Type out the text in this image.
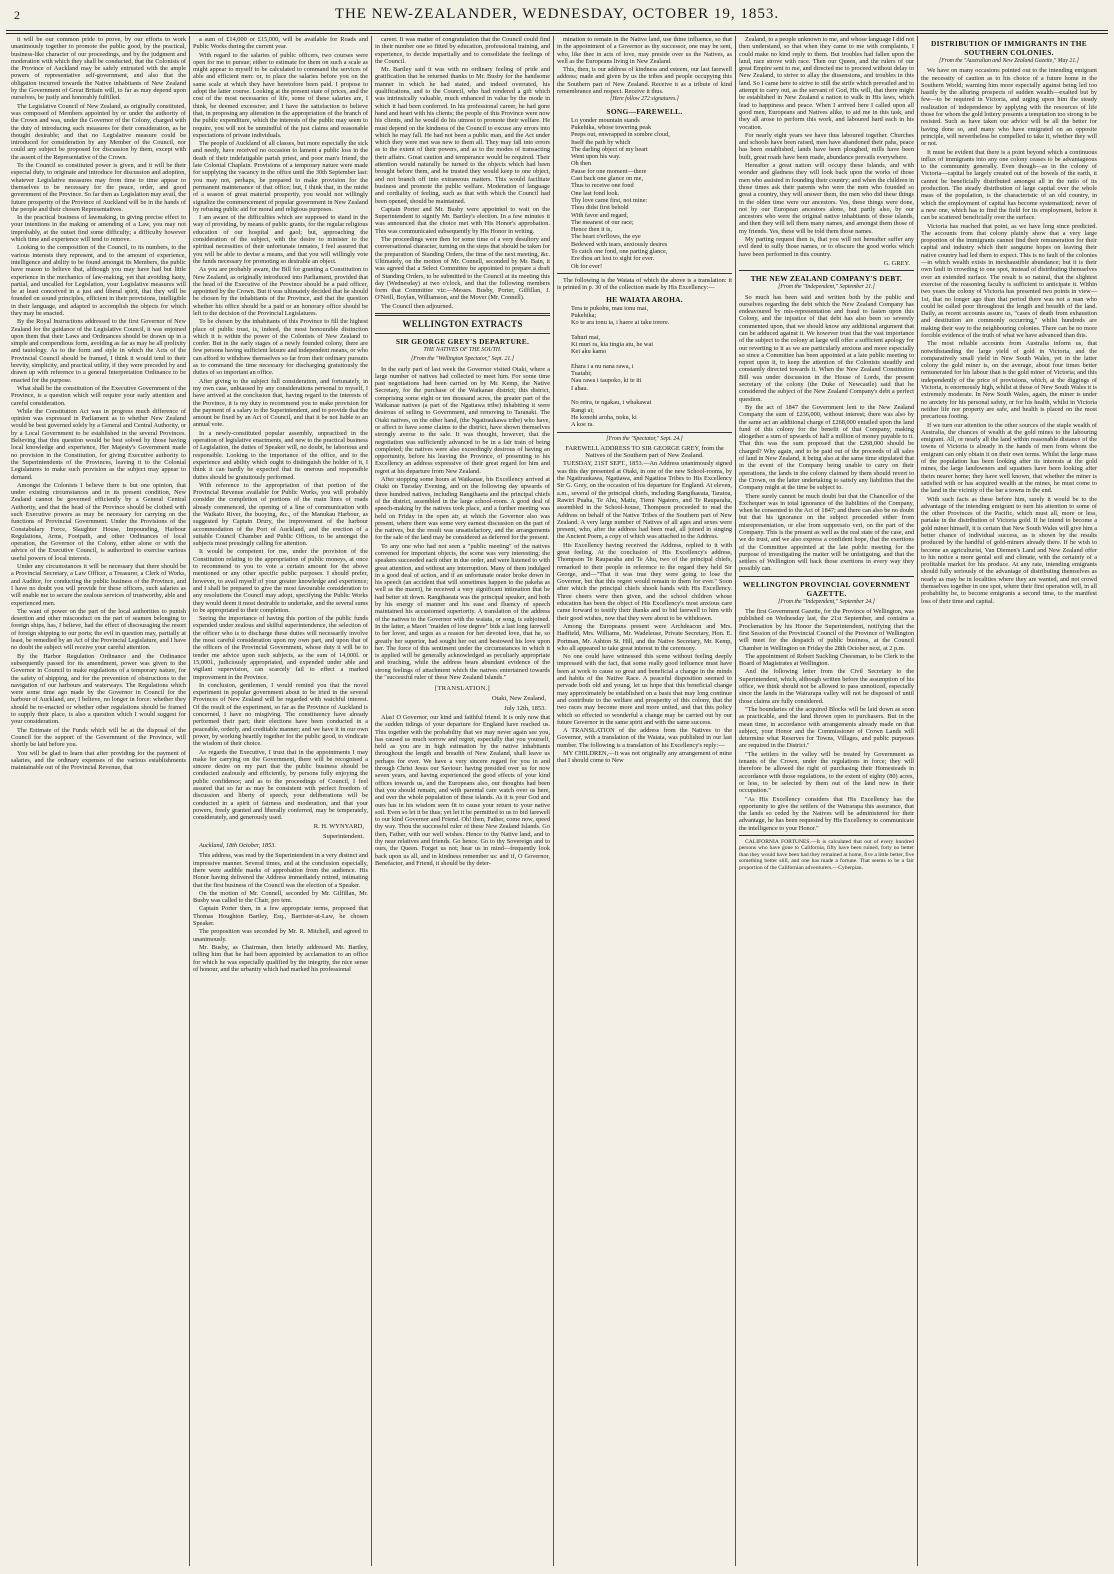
2	THE NEW-ZEALANDER, WEDNESDAY, OCTOBER 19, 1853.

it will be our common pride to prove, by our efforts to work unanimously together to promote the public good, by the practical, business-like character of our proceedings, and by the judgment and moderation with which they shall be conducted, that the Colonists of the Province of Auckland may be safely entrusted with the ample powers of representative self-government, and also that the obligation incurred towards the Native inhabitants of New Zealand by the Government of Great Britain will, to far as may depend upon ourselves, be justly and honorably fulfilled.

The Legislative Council of New Zealand, as originally constituted, was composed of Members appointed by or under the authority of the Crown and was, under the Governor of the Colony, charged with the duty of introducing such measures for their consideration, as he thought desirable; and that no Legislative measure could be introduced for consideration by any Member of the Council, nor could any subject be proposed for discussion by them, except with the assent of the Representative of the Crown.

To the Council so constituted power is given, and it will be their especial duty, to originate and introduce for discussion and adoption, whatever Legislative measures may from time to time appear to themselves to be necessary for the peace, order, and good government of the Province. So far then as Legislation may avail, the future prosperity of the Province of Auckland will be in the hands of the people and their chosen Representatives.

In the practical business of lawmaking, in giving precise effect to your intentions in the making or amending of a Law, you may not improbably, at the outset find some difficulty; a difficulty however which time and experience will tend to remove.

Looking to the composition of the Council, to its numbers, to the various interests they represent, and to the amount of experience, intelligence and ability to be found amongst its Members, the public have reason to believe that, although you may have had but little experience in the mechanics of law-making, yet that avoiding hasty, partial, and uncalled for Legislation, your Legislative measures will be at least conceived in a just and liberal spirit, that they will be founded on sound principles, efficient in their provisions, intelligible in their language, and adapted to accomplish the objects for which they may be enacted.

By the Royal Instructions addressed to the first Governor of New Zealand for the guidance of the Legislative Council, it was enjoined upon them that their Laws and Ordinances should be drawn up in a simple and compendious form, avoiding as far as may be all prolixity and tautology. As to the form and style in which the Acts of the Provincial Council should be framed, I think it would tend to their brevity, simplicity, and practical utility, if they were preceded by and drawn up with reference to a general Interpretation Ordinance to be enacted for the purpose.

What shall be the constitution of the Executive Government of the Province, is a question which will require your early attention and careful consideration.

While the Constitution Act was in progress much difference of opinion was expressed in Parliament as to whether New Zealand would be best governed solely by a General and Central Authority, or by a Local Government to be established in the several Provinces. Believing that this question would be best solved by those having local knowledge and experience, Her Majesty's Government made no provision in the Constitution, for giving Executive authority to the Superintendents of the Provinces, leaving it to the Colonial Legislatures to make such provision as the subject may appear to demand.

Amongst the Colonists I believe there is but one opinion, that under existing circumstances and in its present condition, New Zealand cannot be governed efficiently by a General Central Authority, and that the head of the Province should be clothed with such Executive powers as may be necessary for carrying on the functions of Provincial Government. Under the Provisions of the Constabulary Force, Slaughter House, Impounding, Harbour Regulations, Arms, Footpath, and other Ordinances of local operation, the Governor of the Colony, either alone or with the advice of the Executive Council, is authorized to exercise various useful powers of local interests.

Under any circumstances it will be necessary that there should be a Provincial Secretary, a Law Officer, a Treasurer, a Clerk of Works, and Auditor, for conducting the public business of the Province, and I have no doubt you will provide for these officers, such salaries as will enable me to secure the zealous services of trustworthy, able and experienced men.

The want of power on the part of the local authorities to punish desertion and other misconduct on the part of seamen belonging to foreign ships, has, I believe, had the effect of discouraging the resort of foreign shipping to our ports; the evil in question may, partially at least, be remedied by an Act of the Provincial Legislature, and I have no doubt the subject will receive your careful attention.

By the Harbor Regulation Ordinance and the Ordinance subsequently passed for its amendment, power was given to the Governor in Council to make regulations of a temporary nature, for the safety of shipping, and for the prevention of obstructions to the navigation of our harbours and waterways. The Regulations which were some time ago made by the Governor in Council for the harbour of Auckland, are, I believe, no longer in force: whether they should be re-enacted or whether other regulations should be framed to supply their place, is also a question which I would suggest for your consideration.

The Estimate of the Funds which will be at the disposal of the Council for the support of the Government of the Province, will shortly be laid before you.

You will be glad to learn that after providing for the payment of salaries, and the ordinary expenses of the various establishments maintainable out of the Provincial Revenue, that

a sum of £14,000 or £15,000, will be available for Roads and Public Works during the current year.

With regard to the salaries of public officers, two courses were open for me to pursue; either to estimate for them on such a scale as might appear to myself to be calculated to command the services of able and efficient men: or, to place the salaries before you on the same scale at which they have heretofore been paid. I propose to adopt the latter course. Looking at the present state of prices, and the cost of the most necessaries of life, some of these salaries are, I think, be deemed excessive; and I have the satisfaction to believe that, in proposing any alteration in the appropriation of the branch of the public expenditure, which the interests of the public may seem to require, you will not be unmindful of the just claims and reasonable expectations of private individuals.

The people of Auckland of all classes, but more especially the sick and needy, have received no occasion to lament a public loss in the death of their indefatigable parish priest, and poor man's friend, the late Colonial Chaplain. Provisions of a temporary nature were made for supplying the vacancy in the office until the 30th September last: you may not, perhaps, be prepared to make provision for the permanent maintenance of that office; but, I think that, in the midst of a season of great material prosperity, you would not willingly signalize the commencement of popular government in New Zealand by refusing public aid for moral and religious purposes.

I am aware of the difficulties which are supposed to stand in the way of providing, by means of public grants, for the regular religious education of our hospital and gaol; but, approaching the consideration of the subject, with the desire to minister to the spiritual necessities of their unfortunate inmates, I feel assured that you will be able to devise a means, and that you will willingly vote the funds necessary for promoting so desirable an object.

As you are probably aware, the Bill for granting a Constitution to New Zealand, as originally introduced into Parliament, provided that the head of the Executive of the Province should be a paid officer, appointed by the Crown. But it was ultimately decided that he should be chosen by the inhabitants of the Province, and that the question whether his office should be a paid or an honorary office should be left to the decision of the Provincial Legislatures.

To be chosen by the inhabitants of this Province to fill the highest place of public trust, is, indeed, the most honourable distinction which it is within the power of the Colonists of New Zealand to confer. But in the early stages of a newly founded colony, there are few persons having sufficient leisure and independent means, or who can afford to withdraw themselves so far from their ordinary pursuits as to command the time necessary for discharging gratuitously the duties of so important an office.

After giving to the subject full consideration, and fortunately, in my own case, unbiassed by any considerations personal to myself, I have arrived at the conclusion that, having regard to the interests of the Province, it is my duty to recommend you to make provision for the payment of a salary to the Superintendent, and to provide that the amount be fixed by an Act of Council, and that it be not liable to an annual vote.

In a newly-constituted popular assembly, unpractised in the operation of legislative enactments, and new to the practical business of Legislation, the duties of Speaker will, no doubt, be laborious and responsible. Looking to the importance of the office, and to the experience and ability which ought to distinguish the holder of it, I think it can hardly be expected that its onerous and responsible duties should be gratuitously performed.

With reference to the appropriation of that portion of the Provincial Revenue available for Public Works, you will probably consider the completion of portions of the main lines of roads already commenced, the opening of a line of communication with the Waikato River, the buoying, &c., of the Manukau Harbour, as suggested by Captain Drury, the improvement of the harbour accommodation of the Port of Auckland, and the erection of a suitable Council Chamber and Public Offices, to be amongst the subjects most pressingly calling for attention.

It would be competent for me, under the provision of the Constitution relating to the appropriation of public moneys, at once to recommend to you to vote a certain amount for the above mentioned or any other specific public purposes. I should prefer, however, to avail myself of your greater knowledge and experience; and I shall be prepared to give the most favourable consideration to any resolutions the Council may adopt, specifying the Public Works they would deem it most desirable to undertake, and the several sums to be appropriated to their completion.

Seeing the importance of having this portion of the public funds expended under zealous and skilful superintendence, the selection of the officer who is to discharge these duties will necessarily involve the most careful consideration upon my own part, and upon that of the officers of the Provincial Government, whose duty it will be to tender me advice upon such subjects, as the sum of 14,000l. or 15,000l., judiciously appropriated, and expended under able and vigilant supervision, can scarcely fail to effect a marked improvement in the Province.

In conclusion, gentlemen, I would remind you that the novel experiment in popular government about to be tried in the several Provinces of New Zealand will be regarded with watchful interest. Of the result of the experiment, so far as the Province of Auckland is concerned, I have no misgiving. The constituency have already performed their part; their elections have been conducted in a peaceable, orderly, and creditable manner; and we have it in our own power, by working heartily together for the public good, to vindicate the wisdom of their choice.

As regards the Executive, I trust that in the appointments I may make for carrying on the Government, there will be recognised a sincere desire on my part that the public business should be conducted zealously and efficiently, by persons fully enjoying the public confidence; and as to the proceedings of Council, I feel assured that so far as may be consistent with perfect freedom of discussion and liberty of speech, your deliberations will be conducted in a spirit of fairness and moderation, and that your powers, freely granted and liberally conferred, may be temperately, considerately, and generously used.

R. H. WYNYARD,
Superintendent.
Auckland, 18th October, 1853.

This address, was read by the Superintendent in a very distinct and impressive manner. Several times, and at the conclusion especially, there were audible marks of approbation from the audience. His Honor having delivered the Address immediately retired, intimating that the first business of the Council was the election of a Speaker.

On the motion of Mr. Connell, seconded by Mr. Gilfillan, Mr. Busby was called to the Chair, pro tem.

Captain Porter then, in a few appropriate terms, proposed that Thomas Houghton Bartley, Esq., Barrister-at-Law, be chosen Speaker.

The proposition was seconded by Mr. R. Mitchell, and agreed to unanimously.

Mr. Busby, as Chairman, then briefly addressed Mr. Bartley, telling him that he had been appointed by acclamation to an office for which he was especially qualified by the integrity, the nice sense of honour, and the urbanity which had marked his professional

career. It was matter of congratulation that the Council could find in their number one so fitted by education, professional training, and experience, to decide impartially and to consolidate the feelings of the Council.

Mr. Bartley said it was with no ordinary feeling of pride and gratification that he returned thanks to Mr. Busby for the handsome manner in which he had stated, and indeed overrated, his qualifications, and to the Council, who had rendered a gift which was intrinsically valuable, much enhanced in value by the mode in which it had been conferred. In his professional career, he had gone hand and heart with his clients; the people of this Province were now his clients, and he would do his utmost to promote their welfare. He must depend on the kindness of the Council to excuse any errors into which he may fall. He had not been a public man, and the Act under which they were met was new to them all. They may fall into errors as to the extent of their powers, and as to the modes of transacting their affairs. Great caution and temperance would be required. Their attention would naturally be turned to the objects which had been brought before them, and he trusted they would keep to one object, and not branch off into extraneous matters. This would facilitate business and promote the public welfare. Moderation of language and cordiality of feeling, such as that with which the Council had been opened, should be maintained.

Captain Porter and Mr. Busby were appointed to wait on the Superintendent to signify Mr. Bartley's election. In a few minutes it was announced that the choice met with His Honor's approbation. This was communicated subsequently by His Honor in writing.

The proceedings were then for some time of a very desultory and conversational character, turning on the steps that should be taken for the preparation of Standing Orders, the time of the next meeting, &c. Ultimately, on the motion of Mr. Connell, seconded by Mr. Bain, it was agreed that a Select Committee be appointed to prepare a draft of Standing Orders, to be submitted to the Council at its meeting this day (Wednesday) at two o'clock, and that the following members form that Committee viz:—Messrs. Busby, Porter, Gilfillan, J. O'Neill, Boylan, Williamson, and the Mover (Mr. Connell).

The Council then adjourned.

WELLINGTON EXTRACTS
SIR GEORGE GREY'S DEPARTURE.
THE NATIVES OF THE SOUTH.
[From the "Wellington Spectator," Sept. 21.]

In the early part of last week the Governor visited Otaki, where a large number of natives had collected to meet him. For some time past negotiations had been carried on by Mr. Kemp, the Native Secretary, for the purchase of the Waikanae district; this district, comprising some eight or ten thousand acres, the greater part of the Waikanae natives (a part of the Ngatiawa tribe) inhabiting it were desirous of selling to Government, and removing to Taranaki. The Otaki natives, on the other hand, (the Ngatiraukawa tribe) who have, or affect to have some claims to the district, have shown themselves strongly averse to the sale. It was thought, however, that the negotiation was sufficiently advanced to be in a fair train of being completed; the natives were also exceedingly desirous of having an opportunity, before his leaving the Province, of presenting to his Excellency an address expressive of their great regard for him and regret at his departure from New Zealand.

After stopping some hours at Waikanae, his Excellency arrived at Otaki on Tuesday Evening, and on the following day upwards of three hundred natives, including Rangihaeta and the principal chiefs of the district, assembled in the large school-room. A good deal of speech-making by the natives took place, and a further meeting was held on Friday in the open air, at which the Governor also was present, where there was some very earnest discussion on the part of the natives, but the result was unsatisfactory, and the arrangements for the sale of the land may be considered as deferred for the present.

To any one who had not seen a "public meeting" of the natives convened for important objects, the scene was very interesting; the speakers succeeded each other in due order, and were listened to with great attention, and without any interruption. Many of them indulged in a good deal of action, and if an unfortunate orator broke down in his speech (an accident that will sometimes happen to the pakeha as well as the maori), he received a very significant intimation that he had better sit down. Rangihaeata was the principal speaker, and both by his energy of manner and his ease and fluency of speech maintained his accustomed superiority. A translation of the address of the natives to the Governor with the waiata, or song, is subjoined. In the latter, a Maori "maiden of low degree" bids a last long farewell to her lover, and urges as a reason for her devoted love, that he, so greatly her superior, had sought her out and bestowed his love upon her. The force of this sentiment under the circumstances in which it is applied will be generally acknowledged as peculiarly appropriate and touching, while the address bears abundant evidence of the strong feelings of attachment which the natives entertained towards the "successful ruler of these New Zealand Islands."

[TRANSLATION.]
Otaki, New Zealand,
July 12th, 1853.

Alas! O Governor, our kind and faithful friend. It is only now that the sudden tidings of your departure for England have reached us. This together with the probability that we may never again see you, has caused us much sorrow and regret, especially that you yourself, held as you are in high estimation by the native inhabitants throughout the length and breadth of New Zealand, shall leave us perhaps for ever. We have a very sincere regard for you in and through Christ Jesus our Saviour: having presided over us for now seven years, and having experienced the good effects of your kind offices towards us, and the Europeans also, our thoughts had been that you should remain, and with parental care watch over us here, and over the whole population of these islands. As it is your God and ours has in his wisdom seen fit to cause your return to your native soil. Even so let it be thus; yet let it be permitted to us to bid farewell to our kind Governor and Friend. Oh! then, Father, come now, speed thy way. Thou the successful ruler of these New Zealand Islands. Go then, Father, with our well wishes. Hence to thy Native land, and to thy near relatives and friends. Go hence. Go to thy Sovereign and to ours, the Queen. Forget us not; hear us in mind—frequently look back upon us all, and in kindness remember us: and if, O Governor, Benefactor, and Friend, it should be thy deter-

mination to remain in the Native land, use thine influence, so that in the appointment of a Governor as thy successor, one may be sent, who, like thee in acts of love, may preside over us the Natives, as well as the Europeans living in New Zealand.

This, then, is our address of kindness and esteem, our last farewell address; made and given by us the tribes and people occupying this the Southern part of New Zealand. Receive it as a tribute of kind remembrance and respect. Receive it thus.

[Here follow 272 signatures.]
SONG—FAREWELL.
Lo yonder mountain stands
Pukehika, whose towering peak
Peeps out, enwrapped in sombre cloud,
Itself the path by which
The darling object of my heart
Went upon his way.
Oh then
Pause for one moment—there
Cast back one glance on me,
Thus to receive one fond
One last fond look.
Thy love came first, not mine:
Thou didst first behold
With favor and regard,
The meanest of our race;
Hence then it is,
The heart o'erflows, the eye
Bedewed with tears, anxiously desires
To catch one fond, one parting glance,
Ere thou art lost to sight for ever.
Oh for ever!

The following is the Waiata of which the above is a translation: it is printed in p. 30 of the collection made by His Excellency:—

HE WAIATA AROHA.
Tera te pukohu, mau tonu mai,
Pukehika;
Ko te ara tonu ia, i haere ai taku torere.

Tahuri mai,
Ki muri ra, kia tingia atu, he wai
Kei aku kamo

Ehara i a nu nana rawa, i
Tuatahi;
Nau rawa i taupoko, ki te iti
I ahau.

No reira, te ngakau, i whakawai
Rangi ai;
He konohi aroha, noku, ki
A koe ra.
[From the "Spectator," Sept. 24.]
FAREWELL ADDRESS TO SIR GEORGE GREY, from the Natives of the Southern part of New Zealand.

TUESDAY, 21ST SEPT., 1853.—An Address unanimously signed was this day presented at Otaki, in one of the new School-rooms, by the Ngatiraukawa, Ngatiawa, and Ngatitoa Tribes to His Excellency Sir G. Grey, on the occasion of his departure for England. At eleven, a.m., several of the principal chiefs, including Rangihaeata, Taratoa, Rawiri Puaha, Te Ahu, Matiu, Tiemi Ngatoro, and Te Rauparaha, assembled in the School-house, Thompson proceeded to read the Address on behalf of the Native Tribes of the Southern part of New Zealand. A very large number of Natives of all ages and sexes were present, who, after the address had been read, all joined in singing the Ancient Poem, a copy of which was attached to the Address.

His Excellency having received the Address, replied to it with great feeling. At the conclusion of His Excellency's address, Thompson Te Rauparaha and Te Ahu, two of the principal chiefs, remarked to their people in reference to the regard they held Sir George, and—"That it was true they were going to lose the Governor, but that this regret would remain to them for ever." Soon after which the principal chiefs shook hands with His Excellency. Three cheers were then given, and the school children whose education has been the object of His Excellency's most anxious care came forward to testify their thanks and to bid farewell to him with their good wishes, now that they were about to be withdrawn.

Among the Europeans present were Archdeacon and Mrs. Hadfield, Mrs. Williams, Mr. Wadeleuse, Private Secretary, Hon. E. Portman, Mr. Ashton St. Hill, and the Native Secretary, Mr. Kemp, who all appeared to take great interest in the ceremony.

No one could have witnessed this scene without feeling deeply impressed with the fact, that some really good influence must have been at work to cause so great and beneficial a change in the minds and habits of the Native Race. A peaceful disposition seemed to pervade both old and young, let us hope that this beneficial change may approximately be established on a basis that may long continue and contribute to the welfare and prosperity of this colony, that the two races may become more and more united, and that this policy which so effected so wonderful a change may be carried out by our future Governor in the same spirit and with the same success.

A TRANSLATION of the address from the Natives to the Governor, with a translation of the Waiata, was published in our last number. The following is a translation of his Excellency's reply:—

MY CHILDREN,—It was not originally any arrangement of mine that I should come to New

Zealand, to a people unknown to me, and whose language I did not then understand, so that when they came to me with complaints, I could make no kind reply to them. But troubles had fallen upon the land, race strove with race. Then our Queen, and the rulers of our great Empire sent to me, and directed me to proceed without delay to New Zealand, to strive to allay the dissensions, and troubles in this land. So I came here to strive to still the strife which prevailed and to attempt to carry out, as the servant of God, His will, that there might be established in New Zealand a nation to walk in His laws, which lead to happiness and peace. When I arrived here I called upon all good men, Europeans and Natives alike, to aid me in this task, and they all arose to perform this work, and laboured hard each in his vocation.

For nearly eight years we have thus laboured together. Churches and schools have been raised, men have abandoned their pahs, peace has been established, lands have been ploughed, mills have been built, great roads have been made, abundance prevails everywhere.

Hereafter a great nation will occupy these Islands, and with wonder and gladness they will look back upon the works of those men who assisted in founding their country; and when the children in those times ask their parents who were the men who founded so great a country, they will answer them, the men who did these things in the olden time were our ancestors. Yes, these things were done, not by our European ancestors alone, but partly also, by our ancestors who were the original native inhabitants of those islands, and then they will tell them many names, and amongst them those of my friends. Yes, these will be told them those names.

My parting request then is, that you will not hereafter suffer any evil deed to sully those names, or to obscure the good works which have been performed in this country.

G. GREY.
THE NEW ZEALAND COMPANY'S DEBT.
[From the "Independent," September 21.]

So much has been said and written both by the public and ourselves regarding the debt which the New Zealand Company has endeavoured by mis-representation and fraud to fasten upon this Colony, and the injustice of that debt has also been so severely commented upon, that we should know any additional argument that can be adduced against it. We however trust that the vast importance of the subject to the colony at large will offer a sufficient apology for our reverting to it as we are particularly anxious and more especially so since a Committee has been appointed at a late public meeting to report upon it, to keep the attention of the Colonists steadily and constantly directed towards it. When the New Zealand Constitution Bill was under discussion in the House of Lords, the present secretary of the colony (the Duke of Newcastle) said that he considered the subject of the New Zealand Company's debt a perfect question.

By the act of 1847 the Government lent to the New Zealand Company the sum of £236,000, without interest; there was also by the same act an additional charge of £268,000 entailed upon the land fund of this colony for the benefit of that Company, making altogether a sum of upwards of half a million of money payable to it. That this was the sum proposed that the £268,000 should be charged? Why again, and to be paid out of the proceeds of all sales of land in New Zealand, it being also at the same time stipulated that in the event of the Company being unable to carry on their operations, the lands in the colony claimed by them should revert to the Crown, on the latter undertaking to satisfy any liabilities that the Company might at the time be subject to.

There surely cannot be much doubt but that the Chancellor of the Exchequer was in total ignorance of the liabilities of the Company, when he consented to the Act of 1847; and there can also be no doubt but that his ignorance on the subject proceeded either from misrepresentation, or else from suppressio veri, on the part of the Company. This is the present as well as the real state of the case, and we do trust, and we also express a confident hope, that the exertions of the Committee appointed at the late public meeting for the purpose of investigating the matter will be unfatiguing, and that the settlers of Wellington will back those exertions in every way they possibly can.

WELLINGTON PROVINCIAL GOVERNMENT GAZETTE.
[From the "Independent," September 24.]

The first Government Gazette, for the Province of Wellington, was published on Wednesday last, the 21st September, and contains a Proclamation by his Honor the Superintendent, notifying that the first Session of the Provincial Council of the Province of Wellington will meet for the despatch of public business, at the Council Chamber in Wellington on Friday the 28th October next, at 2 p.m.

The appointment of Robert Suckling Cheesman, to be Clerk to the Board of Magistrates at Wellington.

And the following letter from the Civil Secretary to the Superintendent, which, although written before the assumption of his office, we think should not be allowed to pass unnoticed, especially since the lands in the Wairarapa valley will not be disposed of until those claims are fully considered.

"The boundaries of the acquired Blocks will be laid down as soon as practicable, and the land thrown open to purchasers. But in the mean time, in accordance with arrangements already made on that subject, your Honor and the Commissioner of Crown Lands will determine what Reserves for Towns, Villages, and public purposes are required in the District."

"The settlers in the valley will be treated by Government as tenants of the Crown, under the regulations in force; they will therefore be allowed the right of purchasing their Homesteads in accordance with those regulations, to the extent of eighty (80) acres, or less, to be selected by them out of the land now in their occupation."

"As His Excellency considers that His Excellency has the opportunity to give the settlers of the Wairarapa this assurance, that the lands so ceded by the Natives will be administered for their advantage, he has been requested by His Excellency to communicate the intelligence to your Honor."

CALIFORNIA FORTUNES.—It is calculated that out of every hundred persons who have gone to California, fifty have been ruined, forty no better than they would have been had they remained at home, five a little better, five something better still, and one has made a fortune. That seems to be a fair proportion of the Californian adventurers.—Cyberpian.

DISTRIBUTION OF IMMIGRANTS IN THE SOUTHERN COLONIES.
[From the "Australian and New Zealand Gazette," May 21.]

We have on many occasions pointed out to the intending emigrant the necessity of caution as to his choice of a future home in the Southern World; warning him more especially against being led too hastily by the alluring prospects of sudden wealth—exalted but by few—to be required in Victoria, and urging upon him the steady realization of independence by applying with the resources of life those for whom the gold lottery presents a temptation too strong to be resisted. Such as have taken our advice will be all the better for having done so, and many who have emigrated on an opposite principle, will nevertheless be compelled to take it, whether they will or not.

It must be evident that there is a point beyond which a continuous influx of immigrants into any one colony ceases to be advantageous to the community generally. Even though—as in the colony of Victoria—capital be largely created out of the bowels of the earth, it cannot be beneficially distributed amongst all in the ratio of its production. The steady distribution of large capital over the whole mass of the population, is the characteristic of an old country, in which the employment of capital has become systematized; never of a new one, which has to find the field for its employment, before it can be scattered beneficially over the surface.

Victoria has reached that point, as we have long since predicted. The accounts from that colony plainly show that a very large proportion of the immigrants cannot find their remuneration for their capital and industry which their sanguine hopes on leaving their native country had led them to expect. This is no fault of the colonies—in which wealth exists in inexhaustible abundance; but it is their own fault in crowding to one spot, instead of distributing themselves over an extended surface. The result is so natural, that the slightest exercise of the reasoning faculty is sufficient to anticipate it. Within two years the colony of Victoria has presented two points in view—1st, that no longer ago than that period there was not a man who could be called poor throughout the length and breadth of the land. Daily, as recent accounts assure us, "cases of death from exhaustion and destitution are commonly occurring," whilst hundreds are making their way to the neighbouring colonies. There can be no more forcible evidence of the truth of what we have advanced than this.

The most reliable accounts from Australia inform us, that notwithstanding the large yield of gold in Victoria, and the comparatively small yield in New South Wales, yet in the latter colony the gold miner is, on the average, about four times better remunerated for his labour than is the gold miner of Victoria; and this independently of the price of provisions, which, at the diggings of Victoria, is enormously high, whilst at those of New South Wales it is extremely moderate. In New South Wales, again, the miner is under no anxiety for his personal safety, or for his health, whilst in Victoria neither life nor property are safe, and health is placed on the most precarious footing.

If we turn our attention to the other sources of the staple wealth of Australia, the chances of wealth at the gold mines to the labouring emigrant. All, or nearly all the land within reasonable distance of the towns of Victoria is already in the hands of men from whom the emigrant can only obtain it on their own terms. Whilst the large mass of the population has been looking after its interests at the gold mines, the large landowners and squatters have been looking after theirs nearer home; they have well known, that whether the miner is satisfied with or has acquired wealth at the mines, he must come to the land in the vicinity of the bar a towns in the end.

With such facts as these before him, surely it would be to the advantage of the intending emigrant to turn his attention to some of the other Provinces of the Pacific, which must all, more or less, partake in the distribution of Victoria gold. If he intend to become a gold miner himself, it is certain that New South Wales will give him a better chance of individual success, as is shown by the results produced by the handful of gold-miners already there. If he wish to become an agriculturist, Van Diemen's Land and New Zealand offer to his notice a more genial soil and climate, with the certainty of a profitable market for his produce. At any rate, intending emigrants should fully seriously of the advantage of distributing themselves as nearly as may be in localities where they are wanted, and not crowd themselves together in one spot, where their first operation will, in all probability be, to become emigrants a second time, to the manifest loss of their time and capital.
